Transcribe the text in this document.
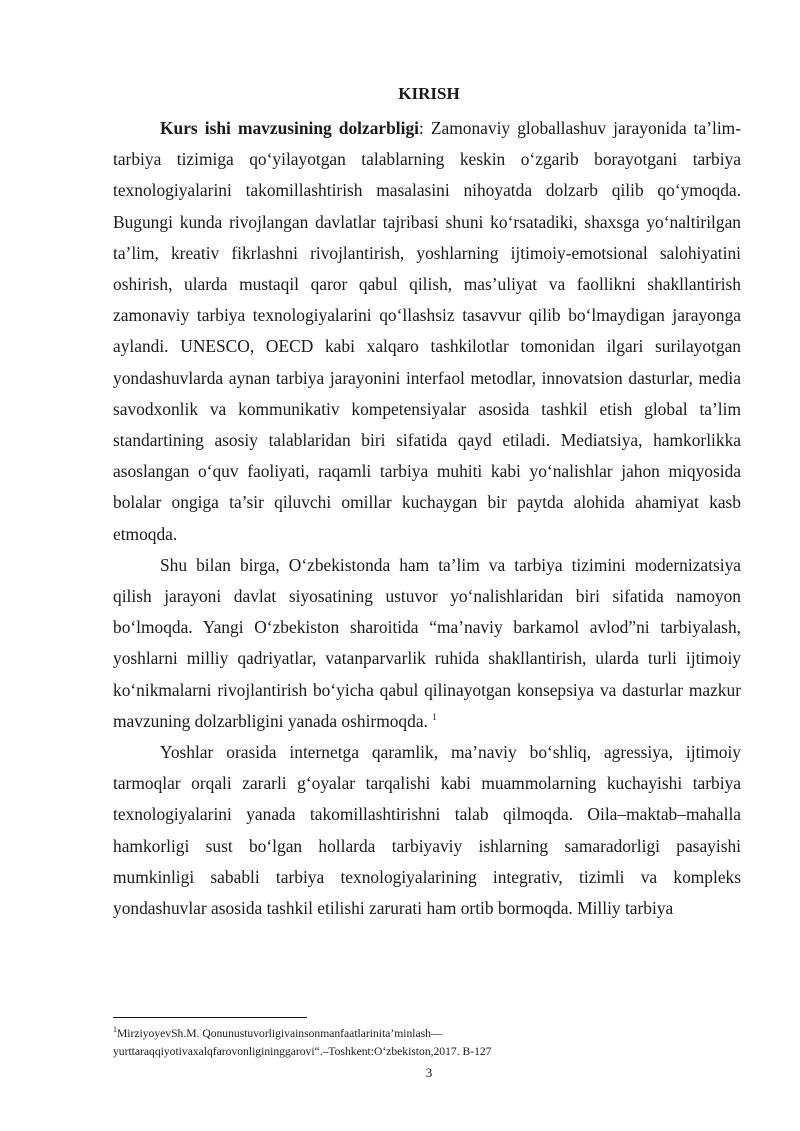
KIRISH

Kurs ishi mavzusining dolzarbligi: Zamonaviy globallashuv jarayonida ta’lim-tarbiya tizimiga qo‘yilayotgan talablarning keskin o‘zgarib borayotgani tarbiya texnologiyalarini takomillashtirish masalasini nihoyatda dolzarb qilib qo‘ymoqda. Bugungi kunda rivojlangan davlatlar tajribasi shuni ko‘rsatadiki, shaxsga yo‘naltirilgan ta’lim, kreativ fikrlashni rivojlantirish, yoshlarning ijtimoiy-emotsional salohiyatini oshirish, ularda mustaqil qaror qabul qilish, mas’uliyat va faollikni shakllantirish zamonaviy tarbiya texnologiyalarini qo‘llashsiz tasavvur qilib bo‘lmaydigan jarayonga aylandi. UNESCO, OECD kabi xalqaro tashkilotlar tomonidan ilgari surilayotgan yondashuvlarda aynan tarbiya jarayonini interfaol metodlar, innovatsion dasturlar, media savodxonlik va kommunikativ kompetensiyalar asosida tashkil etish global ta’lim standartining asosiy talablaridan biri sifatida qayd etiladi. Mediatsiya, hamkorlikka asoslangan o‘quv faoliyati, raqamli tarbiya muhiti kabi yo‘nalishlar jahon miqyosida bolalar ongiga ta’sir qiluvchi omillar kuchaygan bir paytda alohida ahamiyat kasb etmoqda.

Shu bilan birga, O‘zbekistonda ham ta’lim va tarbiya tizimini modernizatsiya qilish jarayoni davlat siyosatining ustuvor yo‘nalishlaridan biri sifatida namoyon bo‘lmoqda. Yangi O‘zbekiston sharoitida “ma’naviy barkamol avlod”ni tarbiyalash, yoshlarni milliy qadriyatlar, vatanparvarlik ruhida shakllantirish, ularda turli ijtimoiy ko‘nikmalarni rivojlantirish bo‘yicha qabul qilinayotgan konsepsiya va dasturlar mazkur mavzuning dolzarbligini yanada oshirmoqda. $^1$

Yoshlar orasida internetga qaramlik, ma’naviy bo‘shliq, agressiya, ijtimoiy tarmoqlar orqali zararli g‘oyalar tarqalishi kabi muammolarning kuchayishi tarbiya texnologiyalarini yanada takomillashtirishni talab qilmoqda. Oila–maktab–mahalla hamkorligi sust bo‘lgan hollarda tarbiyaviy ishlarning samaradorligi pasayishi mumkinligi sababli tarbiya texnologiyalarining integrativ, tizimli va kompleks yondashuvlar asosida tashkil etilishi zarurati ham ortib bormoqda. Milliy tarbiya

$^1$MirziyoyevSh.M. Qonunustuvorligivainsonmanfaatlarinita’minlash—
yurttaraqqiyotivaxalqfarovonligininggarovi“.–Toshkent:O‘zbekiston,2017. B-127
3
